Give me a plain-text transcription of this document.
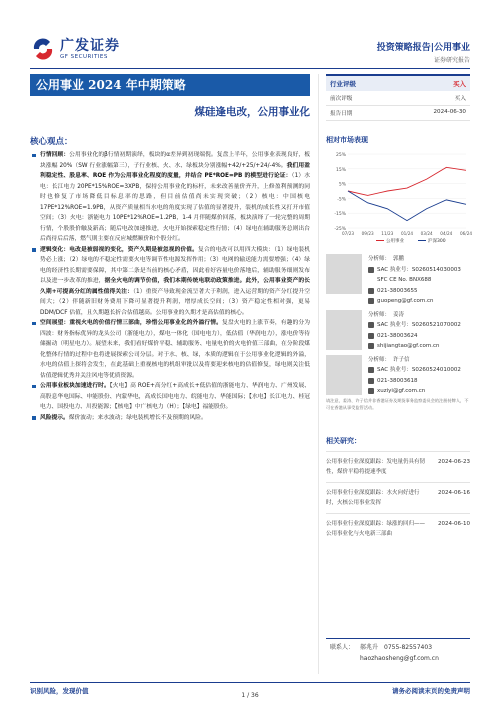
广发证券
GF SECURITIES
投资策略报告|公用事业
证券研究报告
公用事业 2024 年中期策略
煤硅逢电改，公用事业化
核心观点：
行业评级	买入
前次评级	买入
报告日期	2024-06-30

行情回顾：公用事业化的β行情初期演绎，板块的α差异到初现端倪。复盘上半年，公用事业表现良好，板块涨幅 20%（SW 行业涨幅第三），子行业核、火、水、绿板块分别涨幅+42/+25/+24/-4%。我们用盈利稳定性、股息率、ROE 作为公用事业化程度的度量，并结合 PE*ROE=PB 的模型进行论证：（1）水电：长江电力 20PE*15%ROE=3XPB，保持公用事业化的标杆，未来改善量价齐升，上修盈利预测的同时也修复了市场降低目标息率的思路，但目前估值尚未实现突破；（2）核电：中国核电 17PE*12%ROE=1.9PB，从资产质量相当水电的角度实现了估值的显著提升，装机的成长性又打开市值空间；（3）火电：浙能电力 10PE*12%ROE=1.2PB，1-4 月伴随煤价回落，板块演绎了一轮完整的周期行情，个股股价触及新高；随后电改加速推进，火电开始探索稳定性行情；（4）绿电在辅助服务总则出台后尚待后后落，燃气則主要在反应城燃顺价和个股分红。

逻辑变化：电改是被弱视的变化，资产久期是被忽视的价值。复合的电改可以用四大模块：（1）绿电装机势必上涨；（2）绿电的不稳定性需要火电等调节性电源发挥作用；（3）电网的输送能力需要增强；（4）绿电的经济性长期需要保障，其中第二条是当前的核心矛盾，因此看好容量电价落地后，辅助服务细则发布以及进一步改革的推进，据全火电的调节价值，我们本期传统电联动政策推进。此外，公用事业资产的长久期+可提高分红的属性值得关注：（1）重资产导致现金流呈著大于利润，进入运营期的资产分红提升空间大；（2）伴随新旧财务费用下降可显著提升利润，增厚成长空间；（3）资产稳定性相对强，更易 DDM/DCF 估值，且久期越长折合估值越高。公用事业的久期才是高估值的核心。

空间展望：重视火电的价值行情三部曲，珍惜公用事业化的外溢行情。复盘火电的上涨节奏，有趣的分为四波：财务指标优异的龙头公司（浙能电力），煤电一体化（国电电力），低估值（华润电力），涨电价等待储掘动（明星电力）。展望未来，我们看好煤价平稳、辅助服务、电量电价的火电价值三部曲，在分阶段煤化整体行情的过程中也将进展探索公司分层。对于水、核、绿，本质的逻辑在于公用事业化逻辑的外溢，水电的估值上探将会发生，在此基础上重视核电的机组审批以及将要迎来核电的估值修复，绿电则关注低估值逻辑优秀并关注风电等优质资源。

公用事业板块加速进行时。【火电】高 ROE+高分红+高成长+低估值的浙能电力、华润电力、广州发展、高股息华电国际、申能股份、内蒙华电，高成长国电电力、皖能电力、华能国际；【水电】长江电力、桂冠电力、国投电力、川投能源；【核电】中广核电力（H）；【绿电】福能股份。

风险提示。煤价波动；来水波动；绿电装机增长不及预期的风险。

相对市场表现
25%
15%
5%
-5%
-15%
-25%
07/23 09/23 11/23 01/24 03/24 04/24 06/24
公用事业	沪深300
分析师： 郭鹏
SAC 执业号：S0260514030003
SFC CE No. BNX688
021-38003655
guopeng@gf.com.cn
分析师： 姜涛
SAC 执业号：S0260521070002
021-38003624
shijiangtao@gf.com.cn
分析师： 许子信
SAC 执业号：S0260524010002
021-38003618
xuziyi@gf.com.cn
请注意，姜涛、许子信并非香港证券及期货事务监察委员会的注册持牌人，不可在香港从事受监管活动。
相关研究：
公用事业行业深度跟踪：发电量仍具有韧性，煤价平稳将提速季度
2024-06-23
公用事业行业深度跟踪：水火向好进行时，火核公用事业发挥
2024-06-16
公用事业行业深度跟踪：绿涨的回归——公用事业化与火电新三部曲
2024-06-10
联系人： 郝兆升 0755-82557403
haozhaosheng@gf.com.cn
识别风险，发现价值	请务必阅读末页的免责声明
1 / 36
